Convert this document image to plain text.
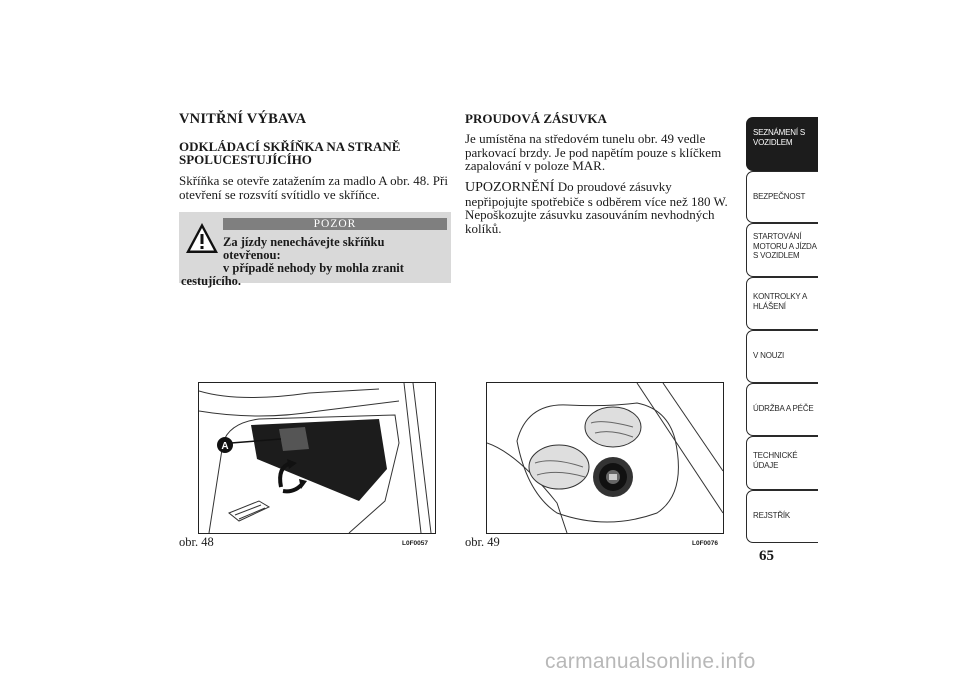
VNITŘNÍ VÝBAVA
ODKLÁDACÍ SKŘÍŇKA NA STRANĚ SPOLUCESTUJÍCÍHO

Skříňka se otevře zatažením za madlo A obr. 48. Při otevření se rozsvítí svítidlo ve skříňce.

POZOR

Za jízdy nenechávejte skříňku otevřenou:
v případě nehody by mohla zranit
cestujícího.

PROUDOVÁ ZÁSUVKA

Je umístěna na středovém tunelu obr. 49 vedle parkovací brzdy. Je pod napětím pouze s klíčkem zapalování v poloze MAR.

UPOZORNĚNÍ Do proudové zásuvky nepřipojujte spotřebiče s odběrem více než 180 W. Nepoškozujte zásuvku zasouváním nevhodných kolíků.

A
obr. 48	L0F0057	obr. 49	L0F0076
SEZNÁMENÍ S
VOZIDLEM
BEZPEČNOST
STARTOVÁNÍ
MOTORU A JÍZDA
S VOZIDLEM
KONTROLKY A
HLÁŠENÍ
V NOUZI
ÚDRŽBA A PÉČE
TECHNICKÉ
ÚDAJE
REJSTŘÍK
65
carmanualsonline.info
